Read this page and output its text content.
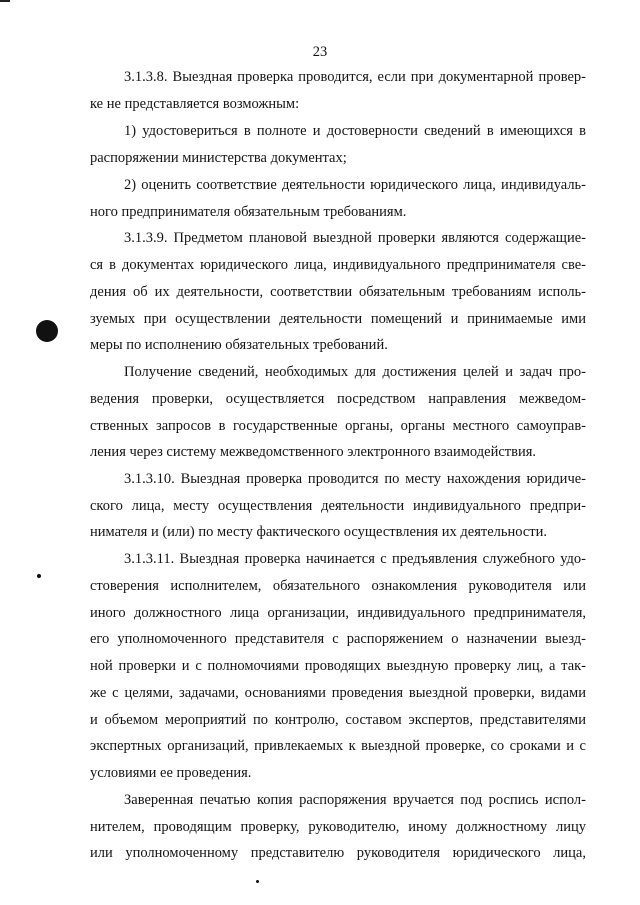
23
3.1.3.8. Выездная проверка проводится, если при документарной провер-
ке не представляется возможным:
1) удостовериться в полноте и достоверности сведений в имеющихся в
распоряжении министерства документах;
2) оценить соответствие деятельности юридического лица, индивидуаль-
ного предпринимателя обязательным требованиям.
3.1.3.9. Предметом плановой выездной проверки являются содержащие-
ся в документах юридического лица, индивидуального предпринимателя све-
дения об их деятельности, соответствии обязательным требованиям исполь-
зуемых при осуществлении деятельности помещений и принимаемые ими
меры по исполнению обязательных требований.
Получение сведений, необходимых для достижения целей и задач про-
ведения проверки, осуществляется посредством направления межведом-
ственных запросов в государственные органы, органы местного самоуправ-
ления через систему межведомственного электронного взаимодействия.
3.1.3.10. Выездная проверка проводится по месту нахождения юридиче-
ского лица, месту осуществления деятельности индивидуального предпри-
нимателя и (или) по месту фактического осуществления их деятельности.
3.1.3.11. Выездная проверка начинается с предъявления служебного удо-
стоверения исполнителем, обязательного ознакомления руководителя или
иного должностного лица организации, индивидуального предпринимателя,
его уполномоченного представителя с распоряжением о назначении выезд-
ной проверки и с полномочиями проводящих выездную проверку лиц, а так-
же с целями, задачами, основаниями проведения выездной проверки, видами
и объемом мероприятий по контролю, составом экспертов, представителями
экспертных организаций, привлекаемых к выездной проверке, со сроками и с
условиями ее проведения.
Заверенная печатью копия распоряжения вручается под роспись испол-
нителем, проводящим проверку, руководителю, иному должностному лицу
или уполномоченному представителю руководителя юридического лица,
